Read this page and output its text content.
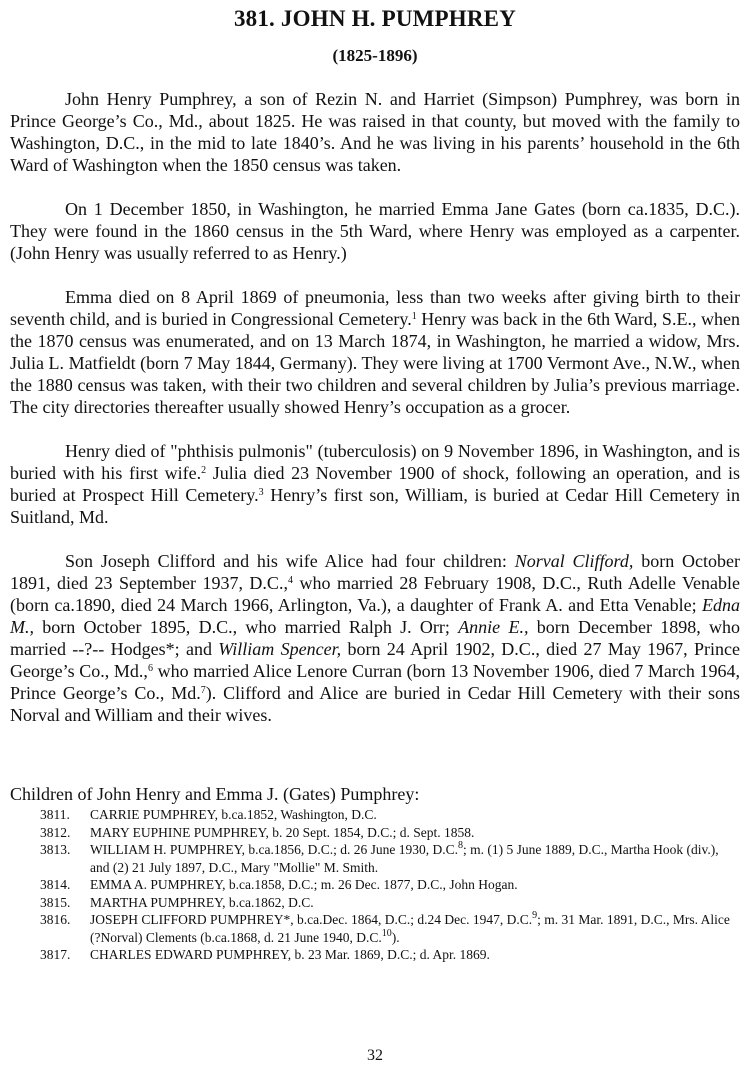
381. JOHN H. PUMPHREY
(1825-1896)

John Henry Pumphrey, a son of Rezin N. and Harriet (Simpson) Pumphrey, was born in Prince George’s Co., Md., about 1825. He was raised in that county, but moved with the family to Washington, D.C., in the mid to late 1840’s. And he was living in his parents’ household in the 6th Ward of Washington when the 1850 census was taken.

On 1 December 1850, in Washington, he married Emma Jane Gates (born ca.1835, D.C.). They were found in the 1860 census in the 5th Ward, where Henry was employed as a carpenter. (John Henry was usually referred to as Henry.)

Emma died on 8 April 1869 of pneumonia, less than two weeks after giving birth to their seventh child, and is buried in Congressional Cemetery.$^1$ Henry was back in the 6th Ward, S.E., when the 1870 census was enumerated, and on 13 March 1874, in Washington, he married a widow, Mrs. Julia L. Matfieldt (born 7 May 1844, Germany). They were living at 1700 Vermont Ave., N.W., when the 1880 census was taken, with their two children and several children by Julia’s previous marriage. The city directories thereafter usually showed Henry’s occupation as a grocer.

Henry died of "phthisis pulmonis" (tuberculosis) on 9 November 1896, in Washington, and is buried with his first wife.$^2$ Julia died 23 November 1900 of shock, following an operation, and is buried at Prospect Hill Cemetery.$^3$ Henry’s first son, William, is buried at Cedar Hill Cemetery in Suitland, Md.

Son Joseph Clifford and his wife Alice had four children: Norval Clifford, born October 1891, died 23 September 1937, D.C.,$^4$ who married 28 February 1908, D.C., Ruth Adelle Venable (born ca.1890, died 24 March 1966, Arlington, Va.), a daughter of Frank A. and Etta Venable; Edna M., born October 1895, D.C., who married Ralph J. Orr; Annie E., born December 1898, who married --?-- Hodges*; and William Spencer, born 24 April 1902, D.C., died 27 May 1967, Prince George’s Co., Md.,$^6$ who married Alice Lenore Curran (born 13 November 1906, died 7 March 1964, Prince George’s Co., Md.$^7$). Clifford and Alice are buried in Cedar Hill Cemetery with their sons Norval and William and their wives.

Children of John Henry and Emma J. (Gates) Pumphrey:
3811.	CARRIE PUMPHREY, b.ca.1852, Washington, D.C.
3812.	MARY EUPHINE PUMPHREY, b. 20 Sept. 1854, D.C.; d. Sept. 1858.
3813.	WILLIAM H. PUMPHREY, b.ca.1856, D.C.; d. 26 June 1930, D.C.$^8$; m. (1) 5 June 1889, D.C., Martha Hook (div.), and (2) 21 July 1897, D.C., Mary "Mollie" M. Smith.
3814.	EMMA A. PUMPHREY, b.ca.1858, D.C.; m. 26 Dec. 1877, D.C., John Hogan.
3815.	MARTHA PUMPHREY, b.ca.1862, D.C.
3816.	JOSEPH CLIFFORD PUMPHREY*, b.ca.Dec. 1864, D.C.; d.24 Dec. 1947, D.C.$^9$; m. 31 Mar. 1891, D.C., Mrs. Alice (?Norval) Clements (b.ca.1868, d. 21 June 1940, D.C.$^{10}$).
3817.	CHARLES EDWARD PUMPHREY, b. 23 Mar. 1869, D.C.; d. Apr. 1869.
32
